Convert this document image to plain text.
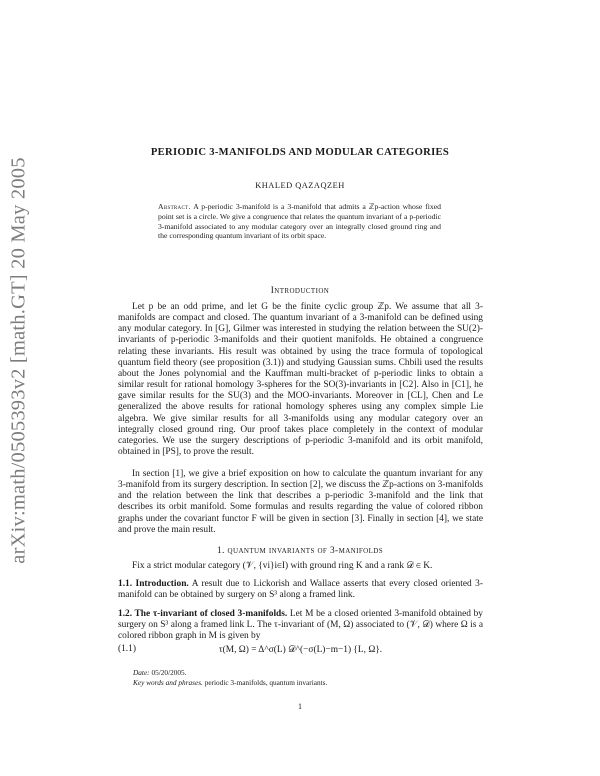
arXiv:math/0505393v2 [math.GT] 20 May 2005
PERIODIC 3-MANIFOLDS AND MODULAR CATEGORIES
KHALED QAZAQZEH
Abstract. A p-periodic 3-manifold is a 3-manifold that admits a ℤp-action whose fixed point set is a circle. We give a congruence that relates the quantum invariant of a p-periodic 3-manifold associated to any modular category over an integrally closed ground ring and the corresponding quantum invariant of its orbit space.
Introduction
Let p be an odd prime, and let G be the finite cyclic group ℤp. We assume that all 3-manifolds are compact and closed. The quantum invariant of a 3-manifold can be defined using any modular category. In [G], Gilmer was interested in studying the relation between the SU(2)- invariants of p-periodic 3-manifolds and their quotient manifolds. He obtained a congruence relating these invariants. His result was obtained by using the trace formula of topological quantum field theory (see proposition (3.1)) and studying Gaussian sums. Chbili used the results about the Jones polynomial and the Kauffman multi-bracket of p-periodic links to obtain a similar result for rational homology 3-spheres for the SO(3)-invariants in [C2]. Also in [C1], he gave similar results for the SU(3) and the MOO-invariants. Moreover in [CL], Chen and Le generalized the above results for rational homology spheres using any complex simple Lie algebra. We give similar results for all 3-manifolds using any modular category over an integrally closed ground ring. Our proof takes place completely in the context of modular categories. We use the surgery descriptions of p-periodic 3-manifold and its orbit manifold, obtained in [PS], to prove the result.
In section [1], we give a brief exposition on how to calculate the quantum invariant for any 3-manifold from its surgery description. In section [2], we discuss the ℤp-actions on 3-manifolds and the relation between the link that describes a p-periodic 3-manifold and the link that describes its orbit manifold. Some formulas and results regarding the value of colored ribbon graphs under the covariant functor F will be given in section [3]. Finally in section [4], we state and prove the main result.
1. quantum invariants of 3-manifolds
Fix a strict modular category (𝒱, {vi}i∈I) with ground ring K and a rank 𝒟 ∈ K.
1.1. Introduction. A result due to Lickorish and Wallace asserts that every closed oriented 3-manifold can be obtained by surgery on S³ along a framed link.
1.2. The τ-invariant of closed 3-manifolds. Let M be a closed oriented 3-manifold obtained by surgery on S³ along a framed link L. The τ-invariant of (M, Ω) associated to (𝒱, 𝒟) where Ω is a colored ribbon graph in M is given by
(1.1)	τ(M, Ω) = Δ^σ(L) 𝒟^(−σ(L)−m−1) {L, Ω}.
Date: 05/20/2005.
Key words and phrases. periodic 3-manifolds, quantum invariants.
1
